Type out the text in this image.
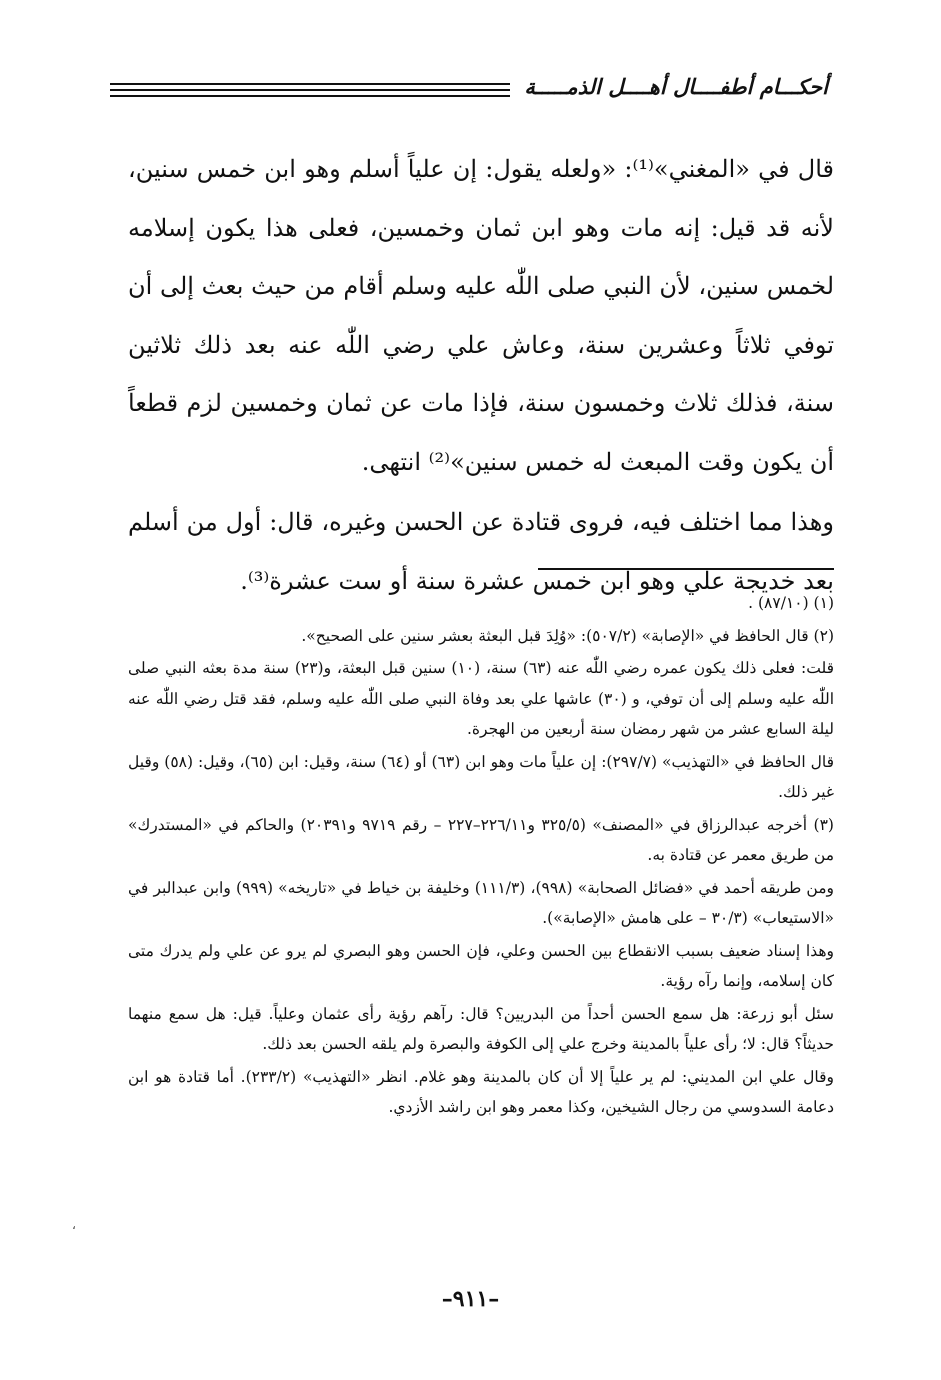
أحكـــام أطفــــال أهــــل الذمـــــة

قال في «المغني»⁽¹⁾: «ولعله يقول: إن علياً أسلم وهو ابن خمس سنين، لأنه قد قيل: إنه مات وهو ابن ثمان وخمسين، فعلى هذا يكون إسلامه لخمس سنين، لأن النبي صلى اللّٰه عليه وسلم أقام من حيث بعث إلى أن توفي ثلاثاً وعشرين سنة، وعاش علي رضي اللّٰه عنه بعد ذلك ثلاثين سنة، فذلك ثلاث وخمسون سنة، فإذا مات عن ثمان وخمسين لزم قطعاً أن يكون وقت المبعث له خمس سنين»⁽²⁾ انتهى.

وهذا مما اختلف فيه، فروى قتادة عن الحسن وغيره، قال: أول من أسلم بعد خديجة علي وهو ابن خمس عشرة سنة أو ست عشرة⁽³⁾.

(١) (٨٧/١٠) .

(٢) قال الحافظ في «الإصابة» (٥٠٧/٢): «وُلِدَ قبل البعثة بعشر سنين على الصحيح».

قلت: فعلى ذلك يكون عمره رضي اللّٰه عنه (٦٣) سنة، (١٠) سنين قبل البعثة، و(٢٣) سنة مدة بعثه النبي صلى اللّٰه عليه وسلم إلى أن توفي، و (٣٠) عاشها علي بعد وفاة النبي صلى اللّٰه عليه وسلم، فقد قتل رضي اللّٰه عنه ليلة السابع عشر من شهر رمضان سنة أربعين من الهجرة.

قال الحافظ في «التهذيب» (٢٩٧/٧): إن علياً مات وهو ابن (٦٣) أو (٦٤) سنة، وقيل: ابن (٦٥)، وقيل: (٥٨) وقيل غير ذلك.

(٣) أخرجه عبدالرزاق في «المصنف» (٣٢٥/٥ و٢٢٦/١١–٢٢٧ – رقم ٩٧١٩ و٢٠٣٩١) والحاكم في «المستدرك» من طريق معمر عن قتادة به.

ومن طريقه أحمد في «فضائل الصحابة» (٩٩٨)، (١١١/٣) وخليفة بن خياط في «تاريخه» (٩٩٩) وابن عبدالبر في «الاستيعاب» (٣٠/٣ – على هامش «الإصابة»).

وهذا إسناد ضعيف بسبب الانقطاع بين الحسن وعلي، فإن الحسن وهو البصري لم يرو عن علي ولم يدرك متى كان إسلامه، وإنما رآه رؤية.

سئل أبو زرعة: هل سمع الحسن أحداً من البدريين؟ قال: رآهم رؤية رأى عثمان وعلياً. قيل: هل سمع منهما حديثاً؟ قال: لا؛ رأى علياً بالمدينة وخرج علي إلى الكوفة والبصرة ولم يلقه الحسن بعد ذلك.

وقال علي ابن المديني: لم ير علياً إلا أن كان بالمدينة وهو غلام. انظر «التهذيب» (٢٣٣/٢). أما قتادة هو ابن دعامة السدوسي من رجال الشيخين، وكذا معمر وهو ابن راشد الأزدي.

،
–٩١١–
